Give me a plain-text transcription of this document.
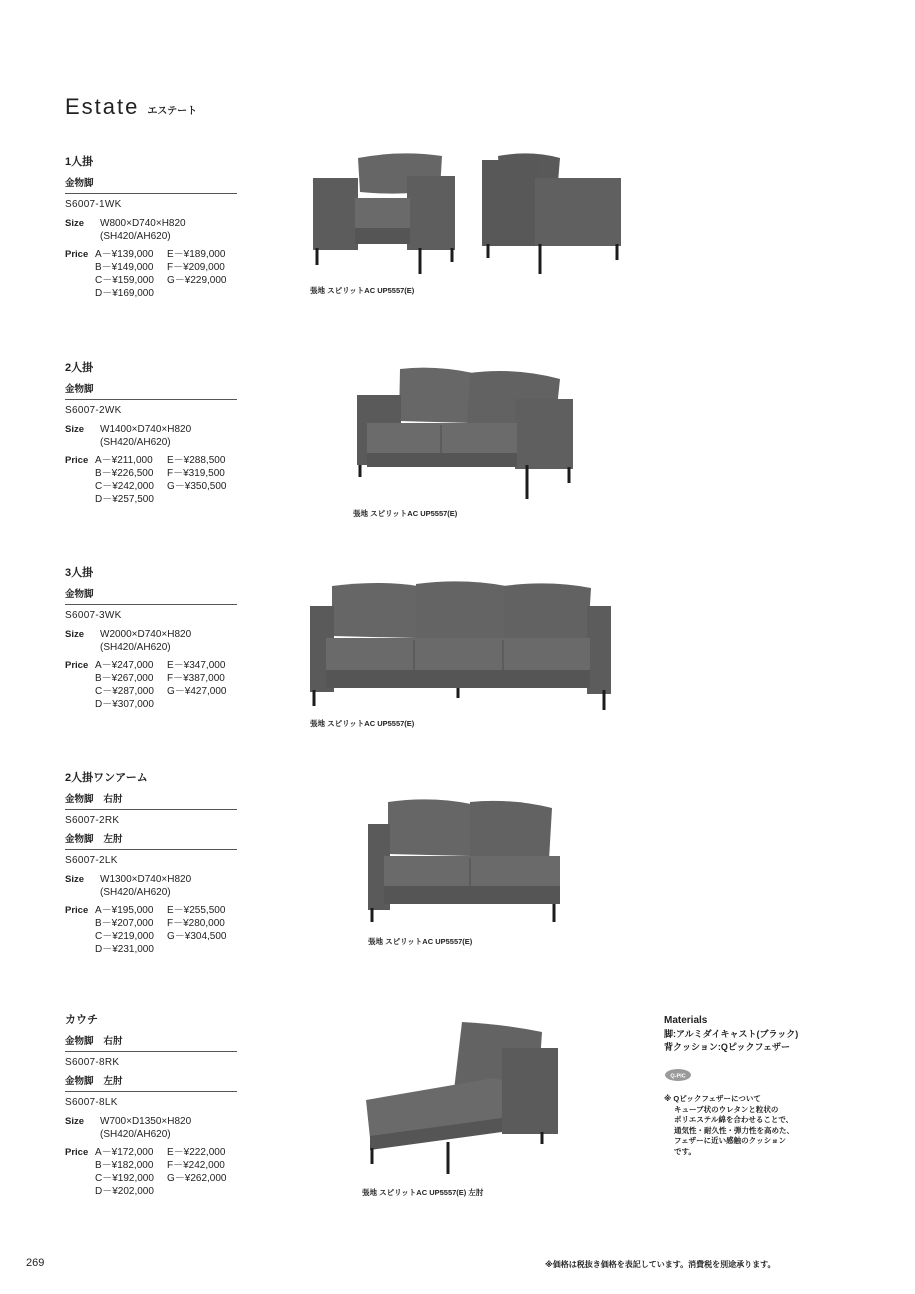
Estate エステート
1人掛
金物脚
S6007-1WK
Size	W800×D740×H820
(SH420/AH620)
Price A－¥139,000	E－¥189,000
B－¥149,000	F－¥209,000
C－¥159,000	G－¥229,000
D－¥169,000
2人掛
金物脚
S6007-2WK
Size	W1400×D740×H820
(SH420/AH620)
Price A－¥211,000	E－¥288,500
B－¥226,500	F－¥319,500
C－¥242,000	G－¥350,500
D－¥257,500
3人掛
金物脚
S6007-3WK
Size	W2000×D740×H820
(SH420/AH620)
Price A－¥247,000	E－¥347,000
B－¥267,000	F－¥387,000
C－¥287,000	G－¥427,000
D－¥307,000
2人掛ワンアーム
金物脚 右肘
S6007-2RK
金物脚 左肘
S6007-2LK
Size	W1300×D740×H820
(SH420/AH620)
Price A－¥195,000	E－¥255,500
B－¥207,000	F－¥280,000
C－¥219,000	G－¥304,500
D－¥231,000
カウチ
金物脚 右肘
S6007-8RK
金物脚 左肘
S6007-8LK
Size	W700×D1350×H820
(SH420/AH620)
Price A－¥172,000	E－¥222,000
B－¥182,000	F－¥242,000
C－¥192,000	G－¥262,000
D－¥202,000
張地 スピリットAC UP5557(E)
張地 スピリットAC UP5557(E)
張地 スピリットAC UP5557(E)
張地 スピリットAC UP5557(E)
張地 スピリットAC UP5557(E) 左肘
Materials
脚:アルミダイキャスト(ブラック)
背クッション:Qピックフェザー
Q-PIC
※ Qピックフェザーについて
キューブ状のウレタンと粒状の
ポリエステル綿を合わせることで、
通気性・耐久性・弾力性を高めた、
フェザーに近い感触のクッション
です。
269	※価格は税抜き価格を表記しています。消費税を別途承ります。
